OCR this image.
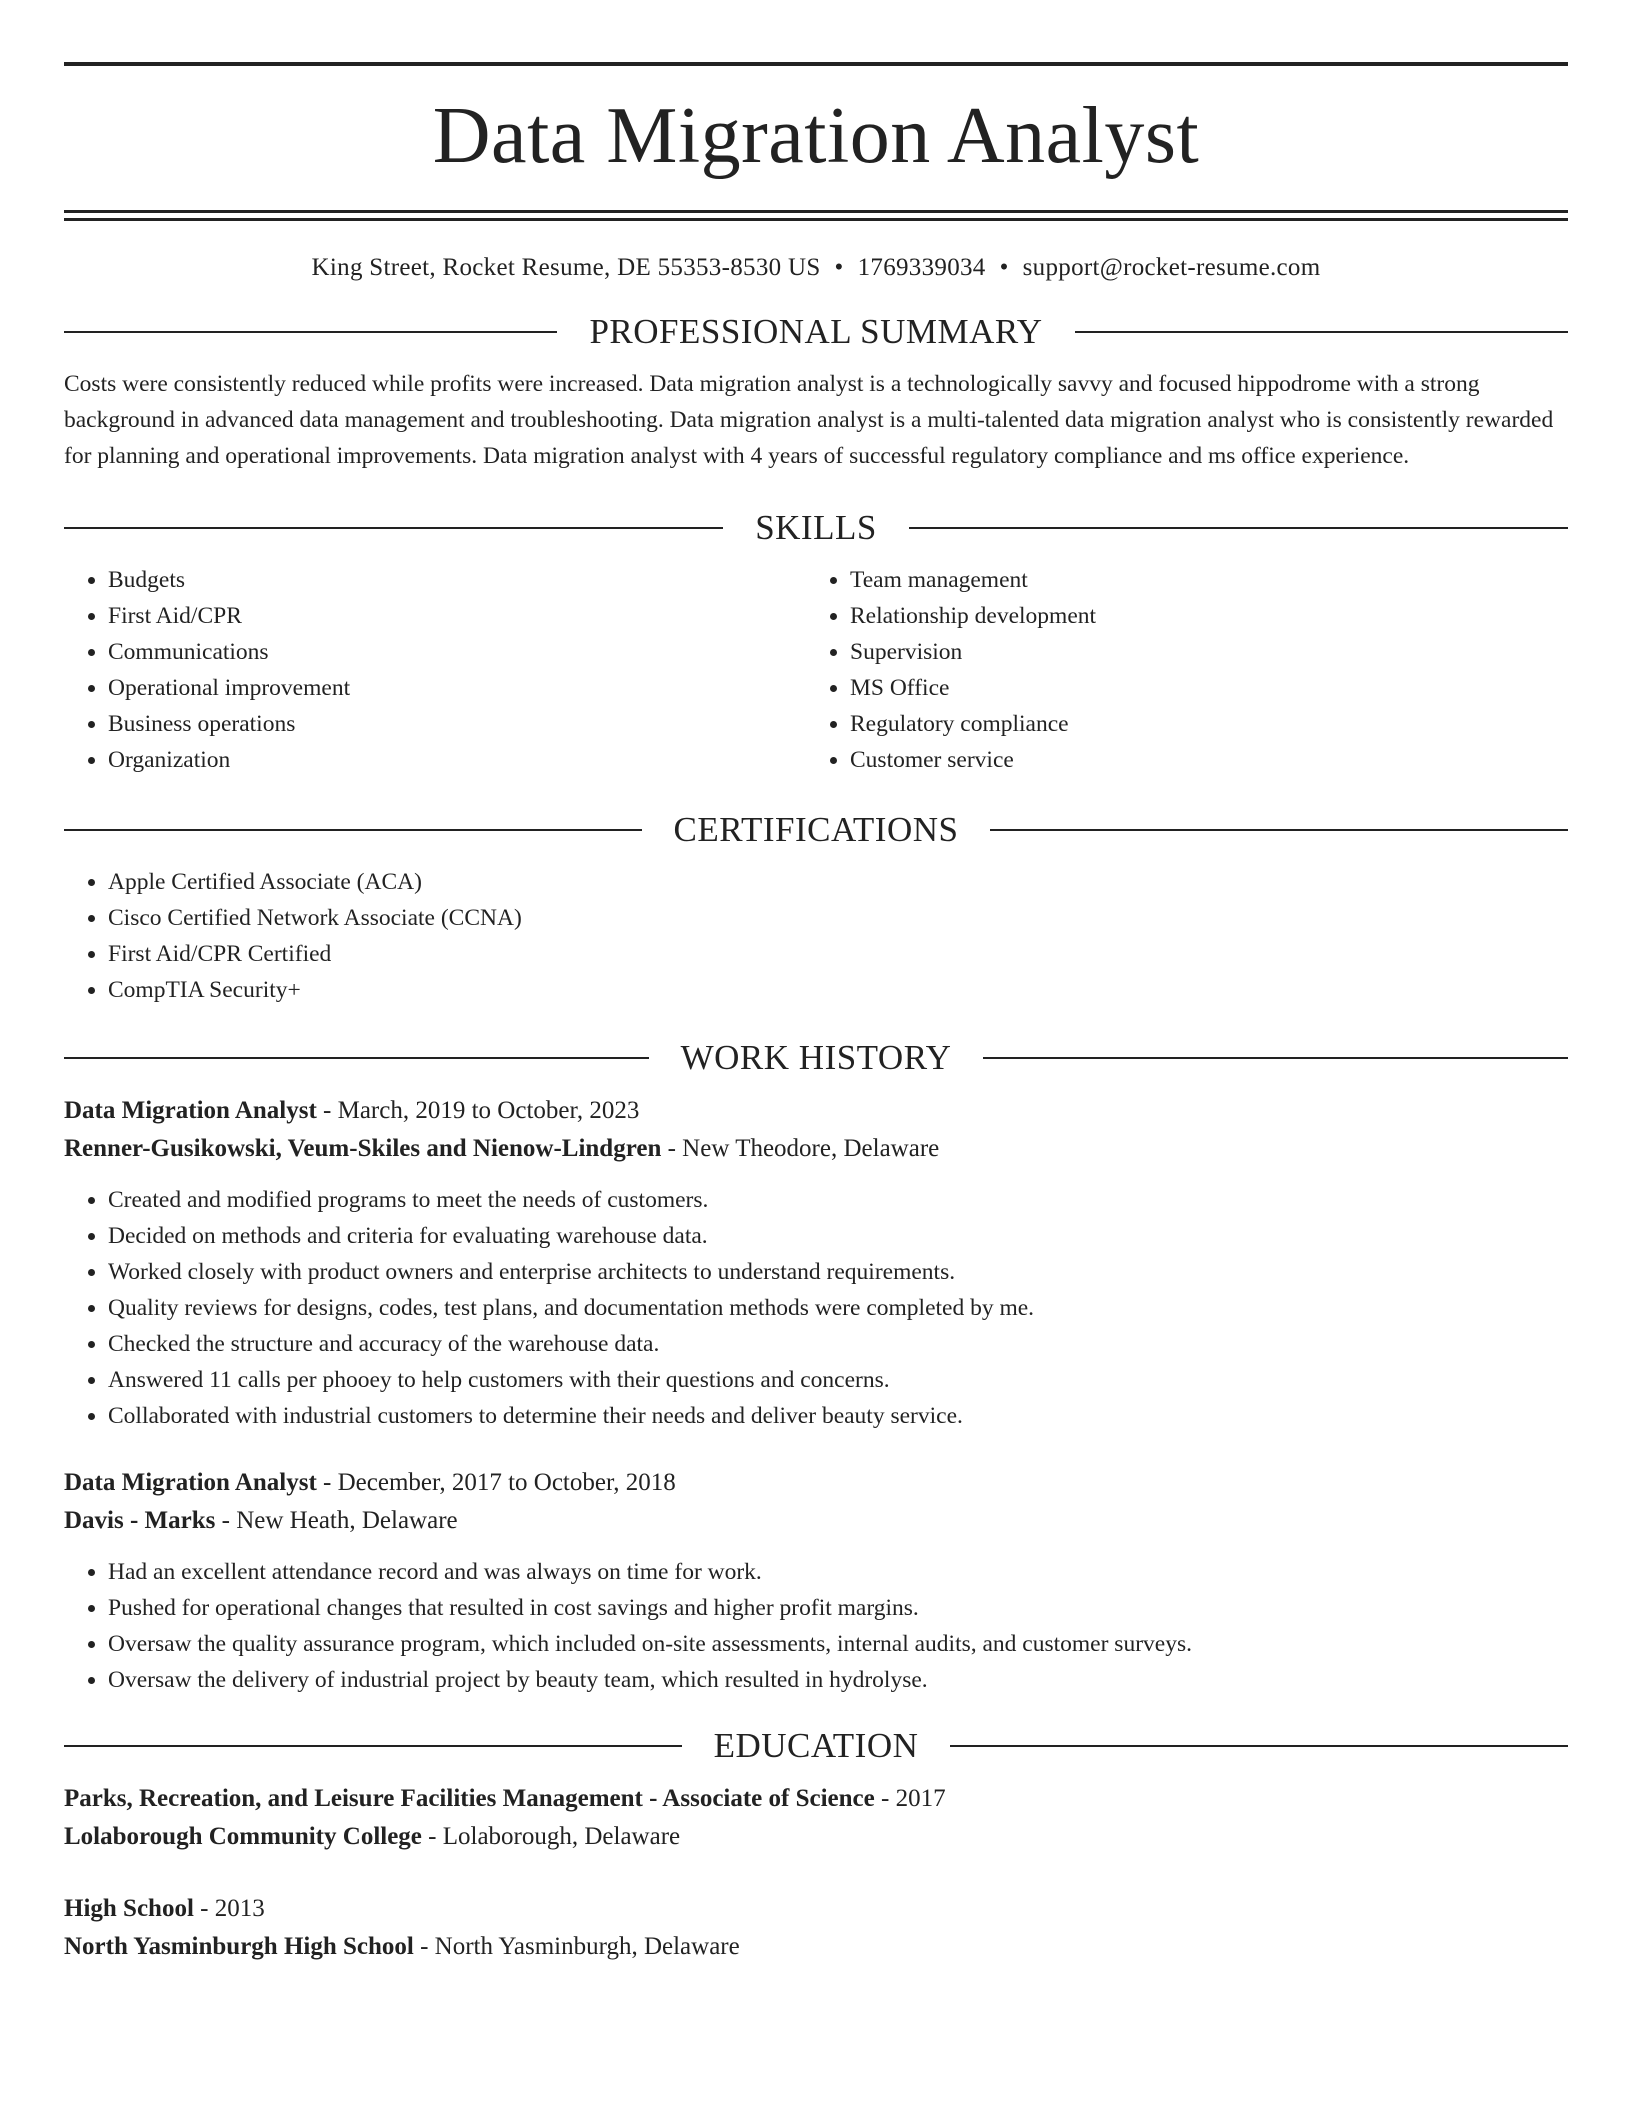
Data Migration Analyst
King Street, Rocket Resume, DE 55353-8530 US • 1769339034 • support@rocket-resume.com
PROFESSIONAL SUMMARY

Costs were consistently reduced while profits were increased. Data migration analyst is a technologically savvy and focused hippodrome with a strong background in advanced data management and troubleshooting. Data migration analyst is a multi-talented data migration analyst who is consistently rewarded for planning and operational improvements. Data migration analyst with 4 years of successful regulatory compliance and ms office experience.

SKILLS
• Budgets
• First Aid/CPR
• Communications
• Operational improvement
• Business operations
• Organization
• Team management
• Relationship development
• Supervision
• MS Office
• Regulatory compliance
• Customer service
CERTIFICATIONS
• Apple Certified Associate (ACA)
• Cisco Certified Network Associate (CCNA)
• First Aid/CPR Certified
• CompTIA Security+
WORK HISTORY

Data Migration Analyst - March, 2019 to October, 2023

Renner-Gusikowski, Veum-Skiles and Nienow-Lindgren - New Theodore, Delaware

• Created and modified programs to meet the needs of customers.
• Decided on methods and criteria for evaluating warehouse data.
• Worked closely with product owners and enterprise architects to understand requirements.
• Quality reviews for designs, codes, test plans, and documentation methods were completed by me.
• Checked the structure and accuracy of the warehouse data.
• Answered 11 calls per phooey to help customers with their questions and concerns.
• Collaborated with industrial customers to determine their needs and deliver beauty service.

Data Migration Analyst - December, 2017 to October, 2018

Davis - Marks - New Heath, Delaware

• Had an excellent attendance record and was always on time for work.
• Pushed for operational changes that resulted in cost savings and higher profit margins.
• Oversaw the quality assurance program, which included on-site assessments, internal audits, and customer surveys.
• Oversaw the delivery of industrial project by beauty team, which resulted in hydrolyse.
EDUCATION

Parks, Recreation, and Leisure Facilities Management - Associate of Science - 2017

Lolaborough Community College - Lolaborough, Delaware

High School - 2013

North Yasminburgh High School - North Yasminburgh, Delaware
